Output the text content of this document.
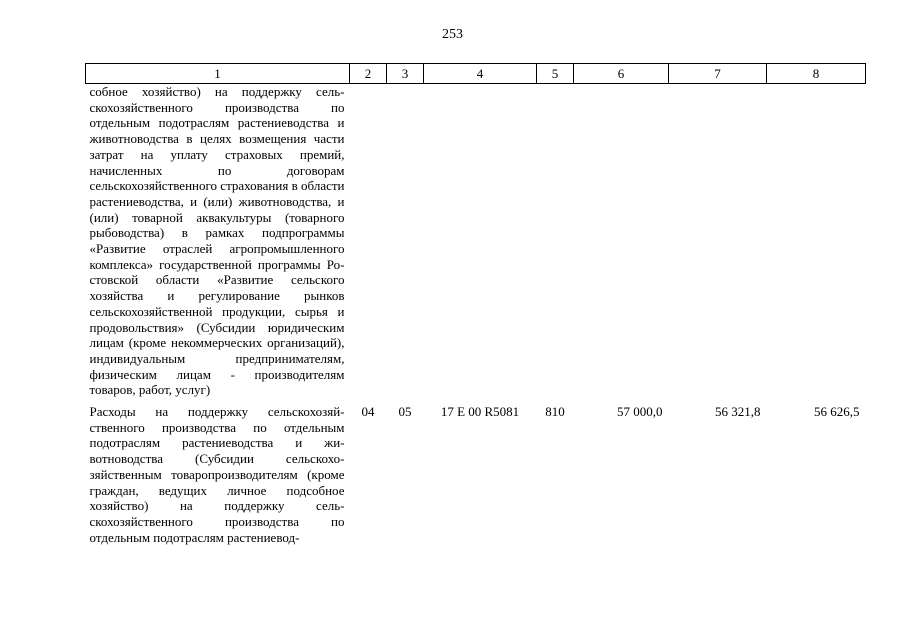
253
1	2	3	4	5	6	7	8
собное хозяйство) на поддержку сельскохозяйственного производства по отдельным подотраслям растениеводства и животноводства в целях возмещения части затрат на уплату страховых премий, начисленных по договорам сельскохозяйственного страхования в области растениеводства, и (или) животноводства, и (или) товарной аквакультуры (товарного рыбоводства) в рамках подпрограммы «Развитие отраслей агропромышленного комплекса» государственной программы Ростовской области «Развитие сельского хозяйства и регулирование рынков сельскохозяйственной продукции, сырья и продовольствия» (Субсидии юридическим лицам (кроме некоммерческих организаций), индивидуальным предпринимателям, физическим лицам - производителям товаров, работ, услуг)							

Расходы на поддержку сельскохозяйственного производства по отдельным подотраслям растениеводства и животноводства (Субсидии сельскохозяйственным товаропроизводителям (кроме граждан, ведущих личное подсобное хозяйство) на поддержку сельскохозяйственного производства по отдельным подотраслям растениевод-	04	05	17 Е 00 R5081	810	57 000,0	56 321,8	56 626,5
